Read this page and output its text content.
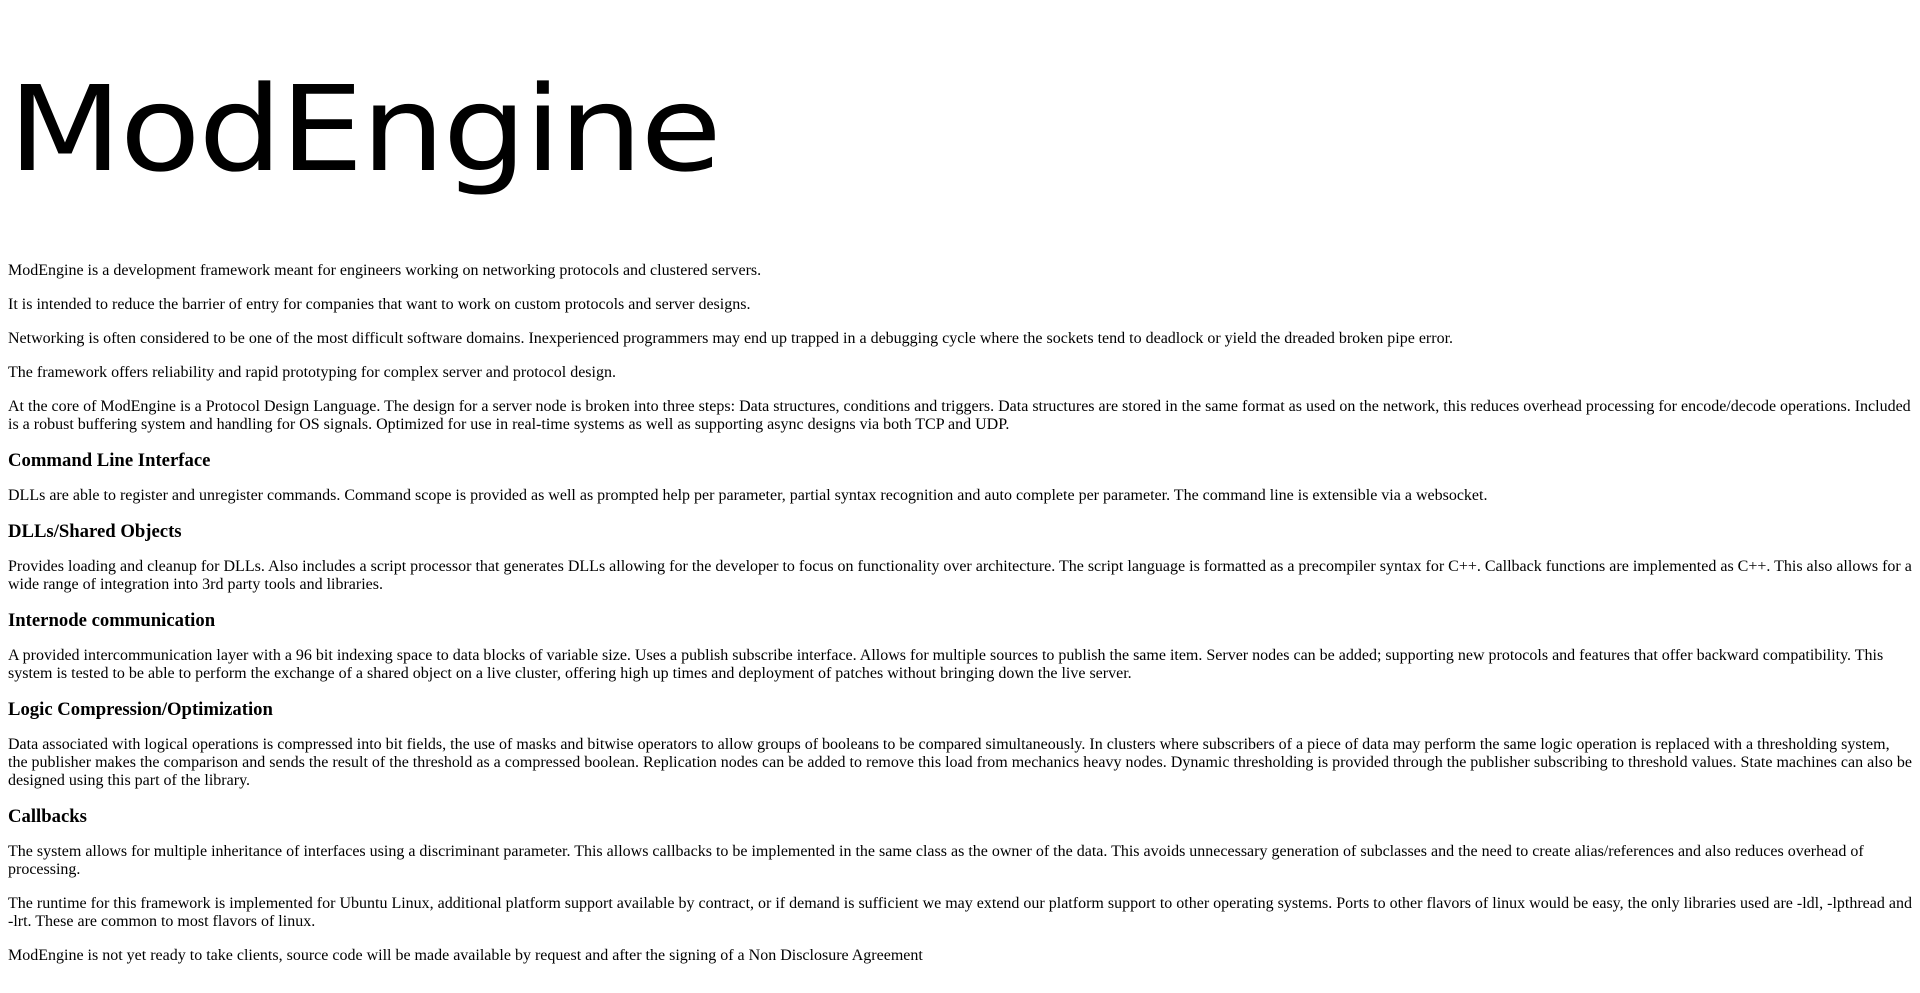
ModEngine

ModEngine is a development framework meant for engineers working on networking protocols and clustered servers.

It is intended to reduce the barrier of entry for companies that want to work on custom protocols and server designs.

Networking is often considered to be one of the most difficult software domains. Inexperienced programmers may end up trapped in a debugging cycle where the sockets tend to deadlock or yield the dreaded broken pipe error.

The framework offers reliability and rapid prototyping for complex server and protocol design.

At the core of ModEngine is a Protocol Design Language. The design for a server node is broken into three steps: Data structures, conditions and triggers. Data structures are stored in the same format as used on the network, this reduces overhead processing for encode/decode operations. Included is a robust buffering system and handling for OS signals. Optimized for use in real-time systems as well as supporting async designs via both TCP and UDP.

Command Line Interface

DLLs are able to register and unregister commands. Command scope is provided as well as prompted help per parameter, partial syntax recognition and auto complete per parameter. The command line is extensible via a websocket.

DLLs/Shared Objects

Provides loading and cleanup for DLLs. Also includes a script processor that generates DLLs allowing for the developer to focus on functionality over architecture. The script language is formatted as a precompiler syntax for C++. Callback functions are implemented as C++. This also allows for a wide range of integration into 3rd party tools and libraries.

Internode communication

A provided intercommunication layer with a 96 bit indexing space to data blocks of variable size. Uses a publish subscribe interface. Allows for multiple sources to publish the same item. Server nodes can be added; supporting new protocols and features that offer backward compatibility. This system is tested to be able to perform the exchange of a shared object on a live cluster, offering high up times and deployment of patches without bringing down the live server.

Logic Compression/Optimization

Data associated with logical operations is compressed into bit fields, the use of masks and bitwise operators to allow groups of booleans to be compared simultaneously. In clusters where subscribers of a piece of data may perform the same logic operation is replaced with a thresholding system, the publisher makes the comparison and sends the result of the threshold as a compressed boolean. Replication nodes can be added to remove this load from mechanics heavy nodes. Dynamic thresholding is provided through the publisher subscribing to threshold values. State machines can also be designed using this part of the library.

Callbacks

The system allows for multiple inheritance of interfaces using a discriminant parameter. This allows callbacks to be implemented in the same class as the owner of the data. This avoids unnecessary generation of subclasses and the need to create alias/references and also reduces overhead of processing.

The runtime for this framework is implemented for Ubuntu Linux, additional platform support available by contract, or if demand is sufficient we may extend our platform support to other operating systems. Ports to other flavors of linux would be easy, the only libraries used are -ldl, -lpthread and -lrt. These are common to most flavors of linux.

ModEngine is not yet ready to take clients, source code will be made available by request and after the signing of a Non Disclosure Agreement
